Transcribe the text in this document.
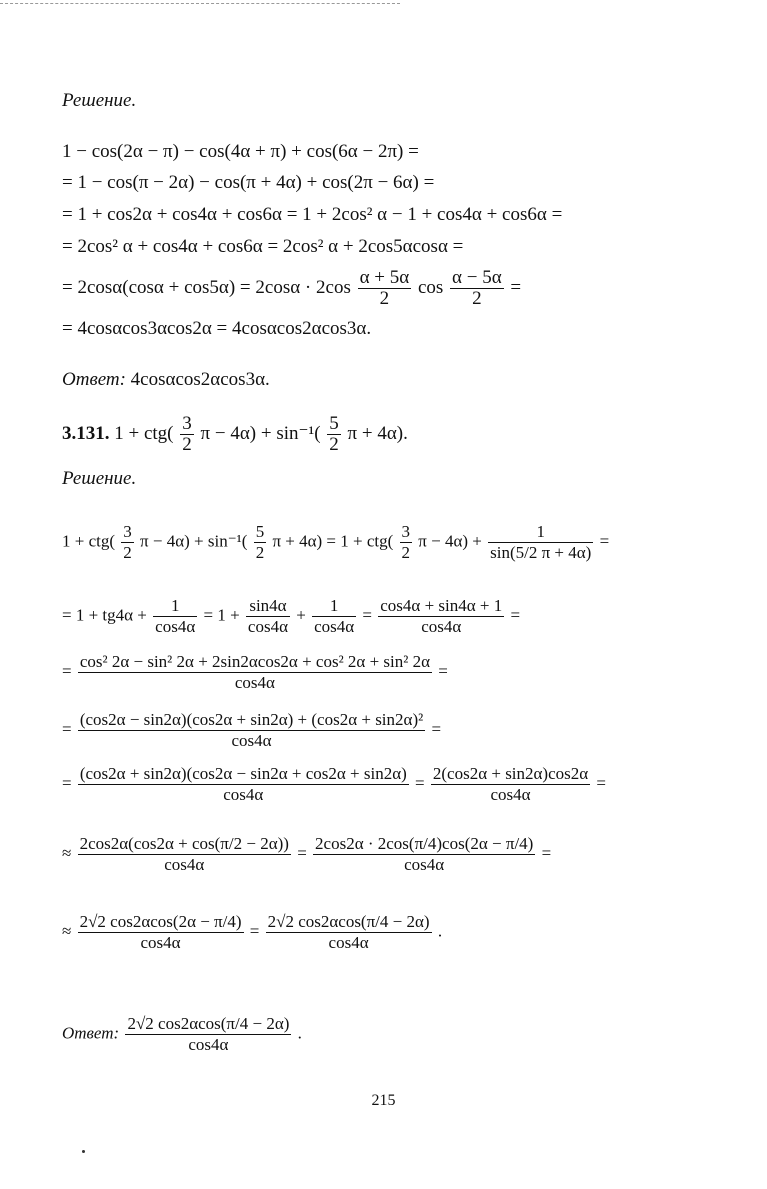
Решение.
1 − cos(2α − π) − cos(4α + π) + cos(6α − 2π) =
= 1 − cos(π − 2α) − cos(π + 4α) + cos(2π − 6α) =
= 1 + cos2α + cos4α + cos6α = 1 + 2cos² α − 1 + cos4α + cos6α =
= 2cos² α + cos4α + cos6α = 2cos² α + 2cos5αcosα =
= $2\cos\alpha(\cos\alpha + \cos 5\alpha) = 2\cos\alpha \cdot 2\cos \frac{\alpha + 5\alpha}{2}$ $\cos \frac{\alpha - 5\alpha}{2}$ =
= 4cosαcos3αcos2α = 4cosαcos2αcos3α.
Ответ: 4cosαcos2αcos3α.
3.131. $1 + ctg( \frac{3}{2}$ $\pi - 4\alpha) + \sin^{-1}( \frac{5}{2}$ π + 4α).
Решение.
$1 + ctg( \frac{3}{2}$ $\pi - 4\alpha) + \sin^{-1}( \frac{5}{2}$ $\pi + 4\alpha) = 1 + ctg( \frac{3}{2}$ $\pi - 4\alpha) + \frac{1}{\sin(5/2 \pi + 4\alpha)}$ =
= $1 + tg4\alpha + \frac{1}{\cos 4\alpha} = 1 + \frac{\sin 4\alpha}{\cos 4\alpha} + \frac{1}{\cos 4\alpha} = \frac{\cos 4\alpha + \sin 4\alpha + 1}{\cos 4\alpha}$ =
= $\frac{\text{cos² 2α − sin² 2α + 2sin2αcos2α + cos² 2α + sin² 2α}}{\cos 4\alpha}$ =
= $\frac{\text{(cos2α − sin2α)(cos2α + sin2α) + (cos2α + sin2α)²}}{\cos 4\alpha}$ =
= $\frac{(\cos 2\alpha + \sin 2\alpha)(\cos 2\alpha - \sin 2\alpha + \cos 2\alpha + \sin 2\alpha)}{\cos 4\alpha} = \frac{2(\cos 2\alpha + \sin 2\alpha)\cos 2\alpha}{\cos 4\alpha}$ =
≈ $\frac{2\cos 2\alpha(\cos 2\alpha + \cos(\pi/2 - 2\alpha))}{\cos 4\alpha} = \frac{2\cos 2\alpha \cdot 2\cos(\pi/4)\cos(2\alpha - \pi/4)}{\cos 4\alpha}$ =
≈ $\frac{2√2 \cos 2\alpha\cos(2\alpha - \pi/4)}{\cos 4\alpha} = \frac{2√2 \cos 2\alpha\cos(\pi/4 - 2\alpha)}{\cos 4\alpha}$ .
Ответ: $\frac{2√2 \cos 2\alpha\cos(\pi/4 - 2\alpha)}{\cos 4\alpha}$ .
215
